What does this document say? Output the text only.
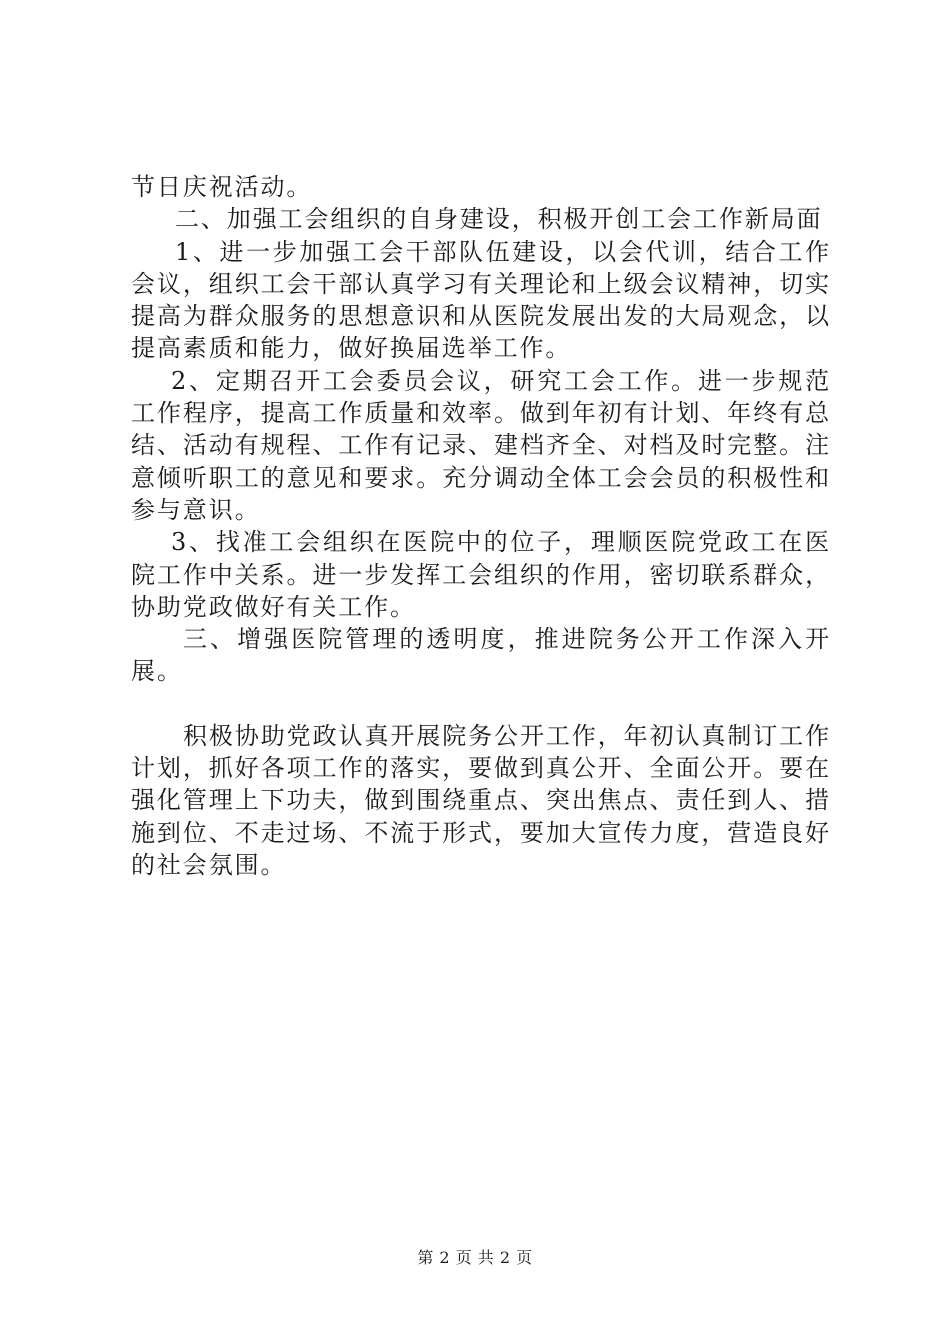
节日庆祝活动。

二、加强工会组织的自身建设，积极开创工会工作新局面

1、进一步加强工会干部队伍建设，以会代训，结合工作会议，组织工会干部认真学习有关理论和上级会议精神，切实提高为群众服务的思想意识和从医院发展出发的大局观念，以提高素质和能力，做好换届选举工作。

2、定期召开工会委员会议，研究工会工作。进一步规范工作程序，提高工作质量和效率。做到年初有计划、年终有总结、活动有规程、工作有记录、建档齐全、对档及时完整。注意倾听职工的意见和要求。充分调动全体工会会员的积极性和参与意识。

3、找准工会组织在医院中的位子，理顺医院党政工在医院工作中关系。进一步发挥工会组织的作用，密切联系群众，协助党政做好有关工作。

三、增强医院管理的透明度，推进院务公开工作深入开展。

积极协助党政认真开展院务公开工作，年初认真制订工作计划，抓好各项工作的落实，要做到真公开、全面公开。要在强化管理上下功夫，做到围绕重点、突出焦点、责任到人、措施到位、不走过场、不流于形式，要加大宣传力度，营造良好的社会氛围。

第 2 页 共 2 页
